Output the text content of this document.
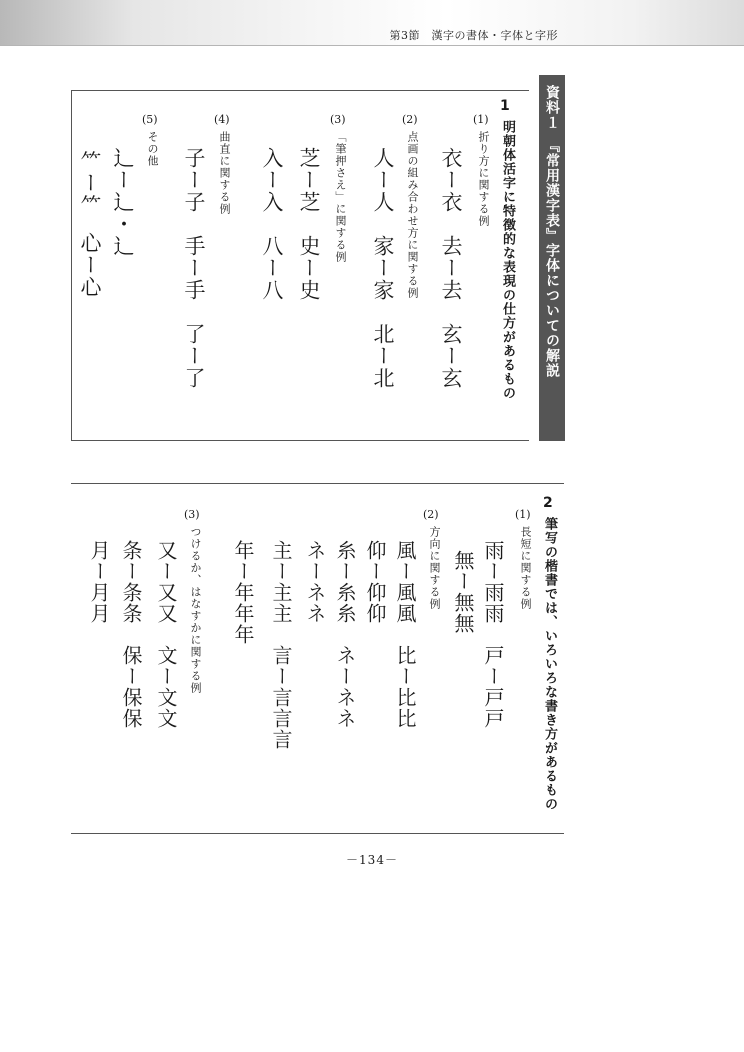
第3節　漢字の書体・字体と字形
資料１　『常用漢字表』字体についての解説
1
明朝体活字に特徴的な表現の仕方があるもの
(1)
折り方に関する例
衣ー衣　去ー去　玄ー玄
(2)
点画の組み合わせ方に関する例
人ー人　家ー家　北ー北
(3)
「筆押さえ」に関する例
芝ー芝　史ー史
入ー入　八ー八
(4)
曲直に関する例
子ー子　手ー手　了ー了
(5)
その他
辶ー辶・辶
心ー心
⺮ー⺮
2
筆写の楷書では、いろいろな書き方があるもの
(1)
長短に関する例
雨ー雨雨　戸ー戸戸
無ー無無
(2)
方向に関する例
風ー風風　比ー比比
仰ー仰仰
糸ー糸糸　ネーネネ
ネーネネ
主ー主主　言ー言言言
年ー年年年
(3)
つけるか、はなすかに関する例
又ー又又　文ー文文
条ー条条　保ー保保
月ー月月
－134－
